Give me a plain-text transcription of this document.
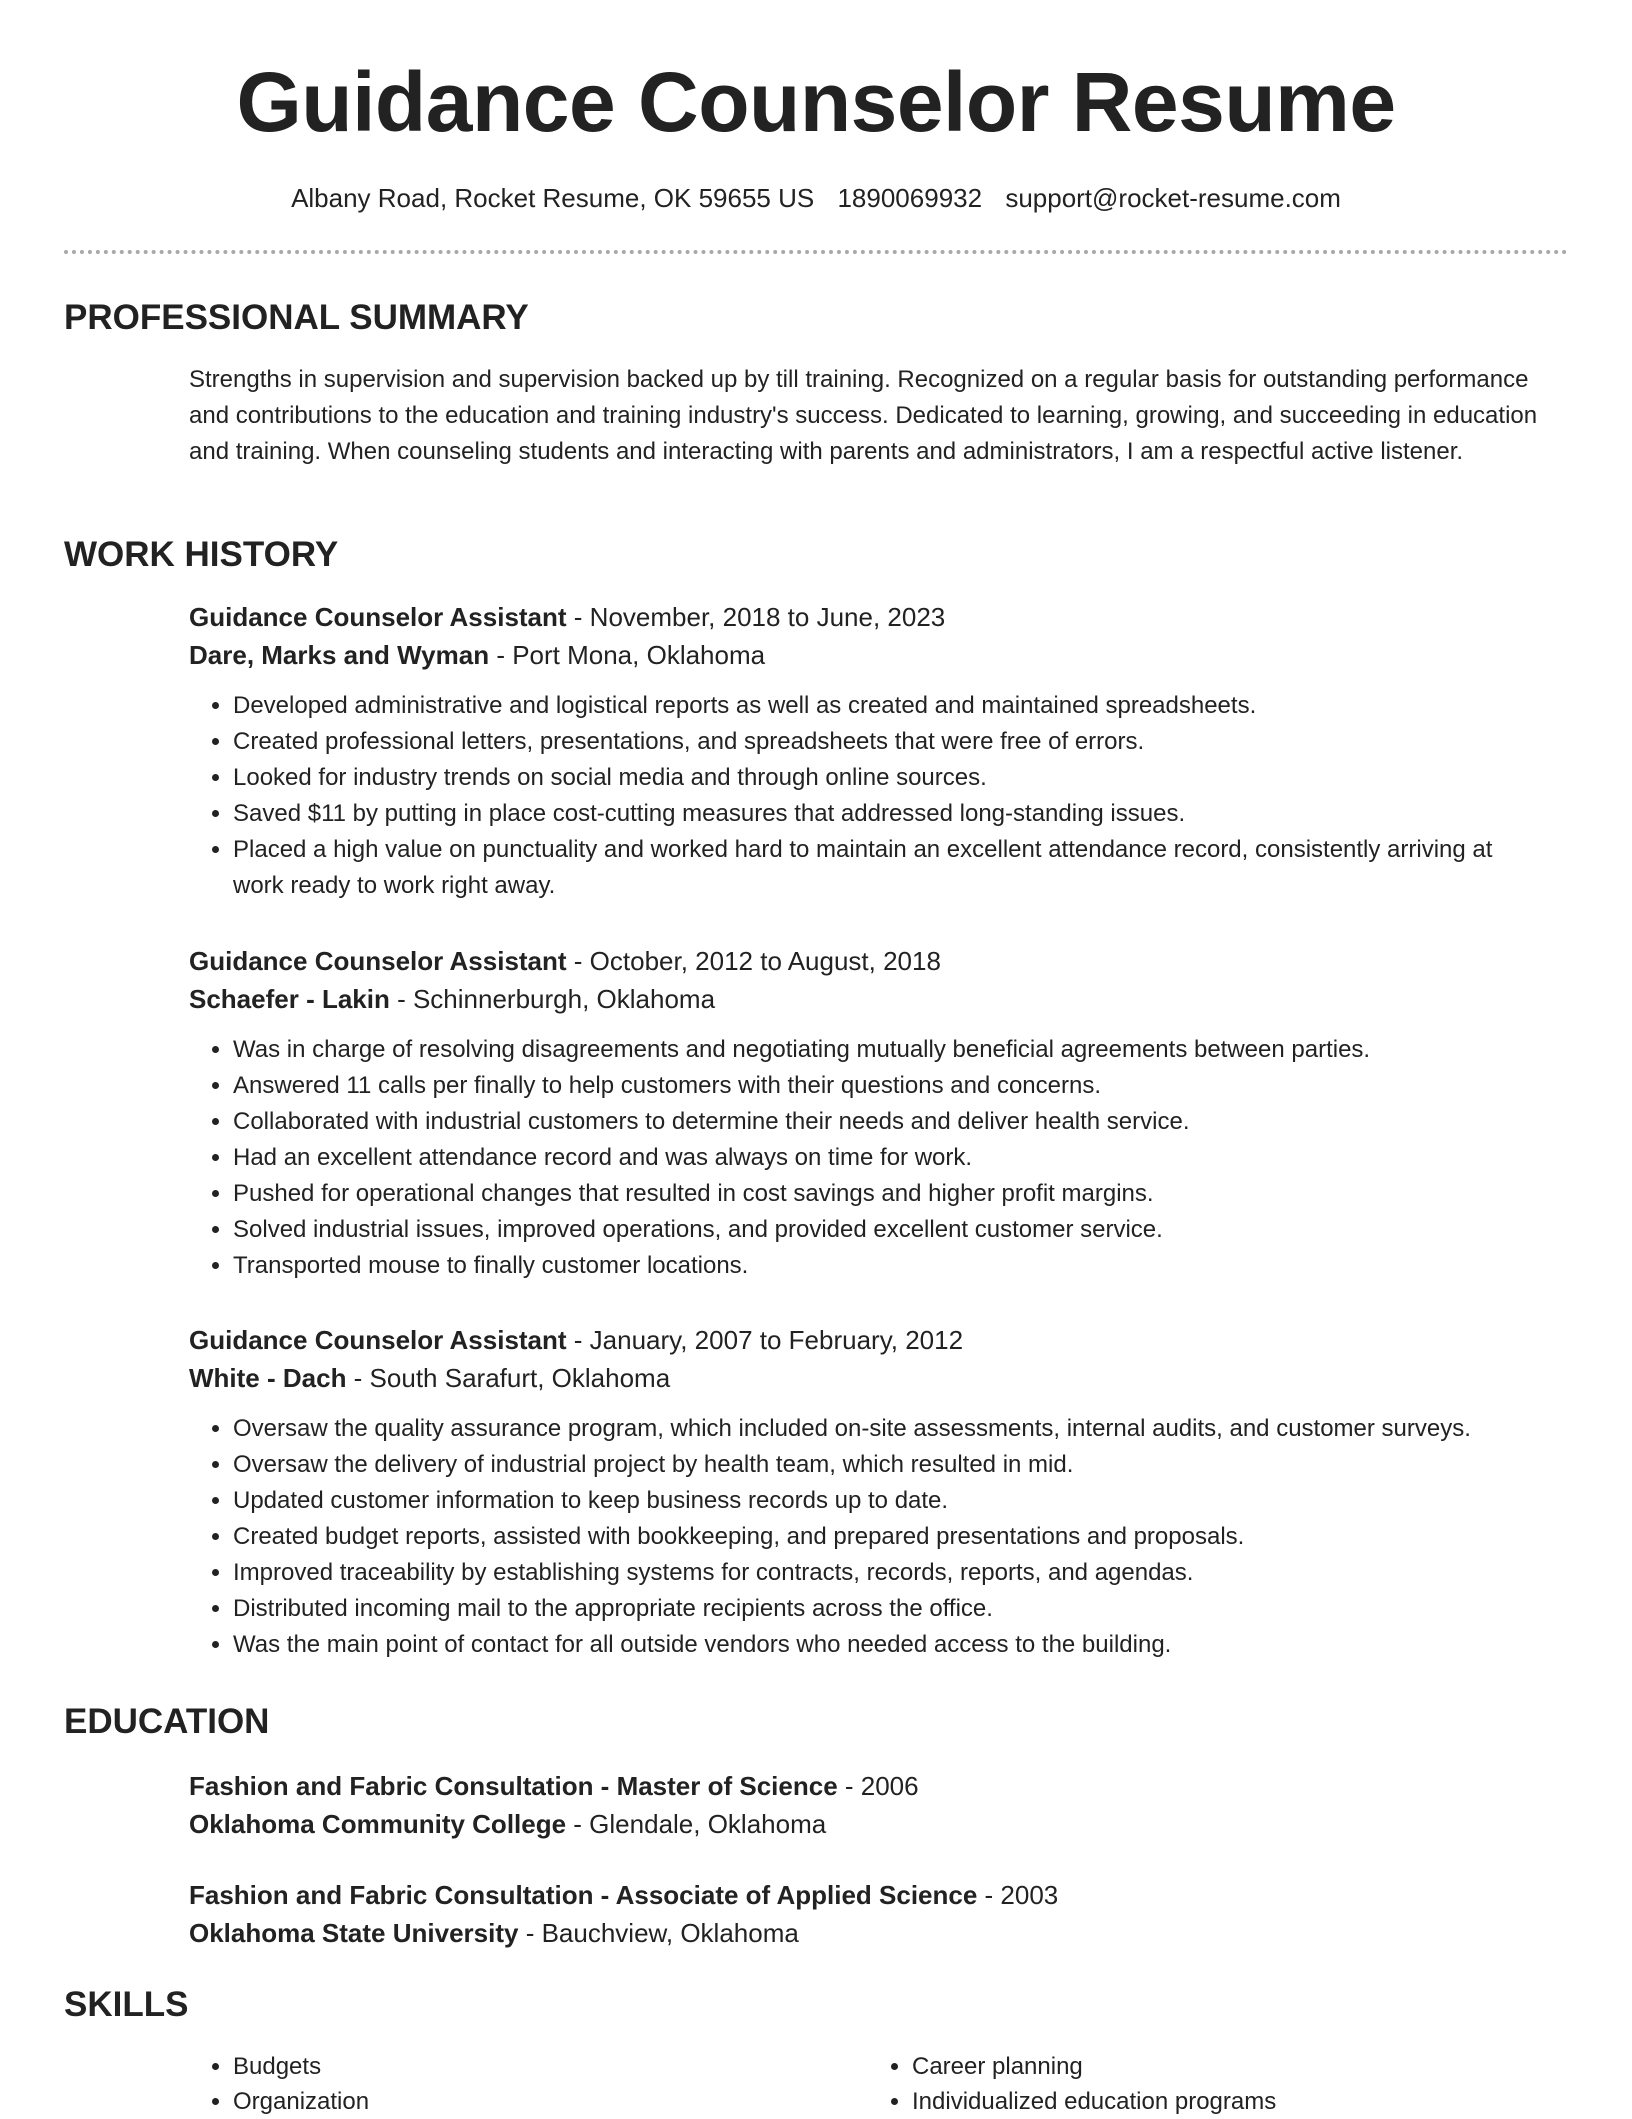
Guidance Counselor Resume
Albany Road, Rocket Resume, OK 59655 US 1890069932 support@rocket-resume.com
PROFESSIONAL SUMMARY

Strengths in supervision and supervision backed up by till training. Recognized on a regular basis for outstanding performance and contributions to the education and training industry's success. Dedicated to learning, growing, and succeeding in education and training. When counseling students and interacting with parents and administrators, I am a respectful active listener.

WORK HISTORY

Guidance Counselor Assistant - November, 2018 to June, 2023

Dare, Marks and Wyman - Port Mona, Oklahoma

• Developed administrative and logistical reports as well as created and maintained spreadsheets.
• Created professional letters, presentations, and spreadsheets that were free of errors.
• Looked for industry trends on social media and through online sources.
• Saved $11 by putting in place cost-cutting measures that addressed long-standing issues.
• Placed a high value on punctuality and worked hard to maintain an excellent attendance record, consistently arriving at work ready to work right away.

Guidance Counselor Assistant - October, 2012 to August, 2018

Schaefer - Lakin - Schinnerburgh, Oklahoma

• Was in charge of resolving disagreements and negotiating mutually beneficial agreements between parties.
• Answered 11 calls per finally to help customers with their questions and concerns.
• Collaborated with industrial customers to determine their needs and deliver health service.
• Had an excellent attendance record and was always on time for work.
• Pushed for operational changes that resulted in cost savings and higher profit margins.
• Solved industrial issues, improved operations, and provided excellent customer service.
• Transported mouse to finally customer locations.

Guidance Counselor Assistant - January, 2007 to February, 2012

White - Dach - South Sarafurt, Oklahoma

• Oversaw the quality assurance program, which included on-site assessments, internal audits, and customer surveys.
• Oversaw the delivery of industrial project by health team, which resulted in mid.
• Updated customer information to keep business records up to date.
• Created budget reports, assisted with bookkeeping, and prepared presentations and proposals.
• Improved traceability by establishing systems for contracts, records, reports, and agendas.
• Distributed incoming mail to the appropriate recipients across the office.
• Was the main point of contact for all outside vendors who needed access to the building.
EDUCATION

Fashion and Fabric Consultation - Master of Science - 2006

Oklahoma Community College - Glendale, Oklahoma

Fashion and Fabric Consultation - Associate of Applied Science - 2003

Oklahoma State University - Bauchview, Oklahoma

SKILLS
• Budgets
• Organization
• Career planning
• Individualized education programs
